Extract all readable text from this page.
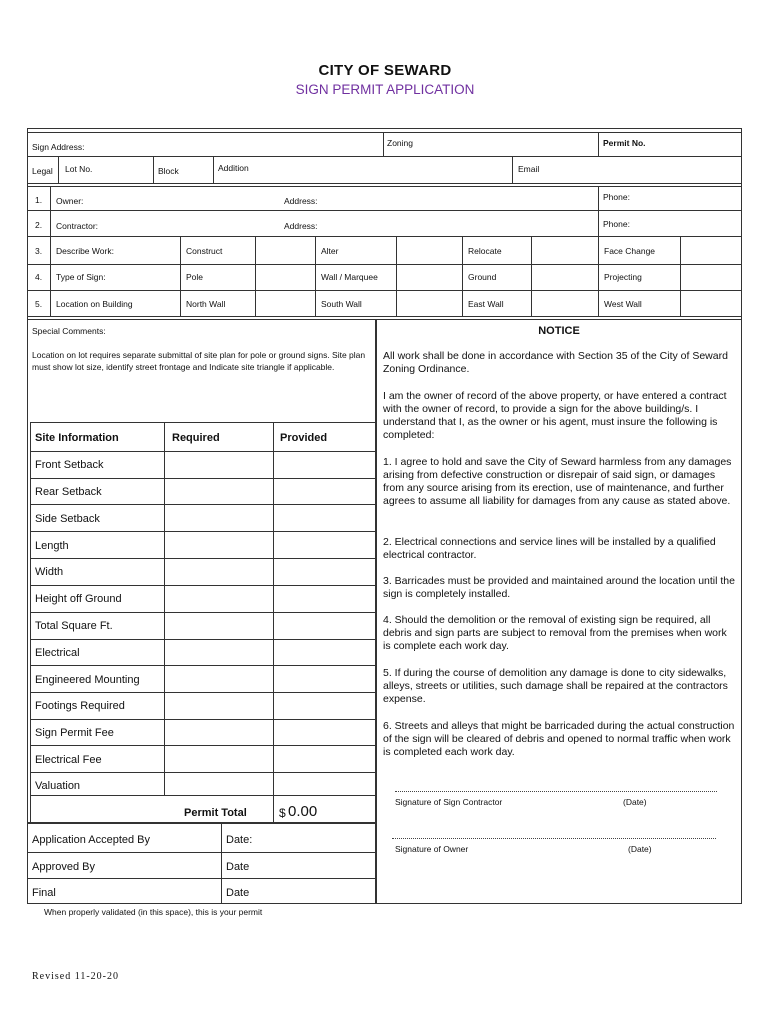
CITY OF SEWARD
SIGN PERMIT APPLICATION
Sign Address:	Zoning	Permit No.
Legal Lot No.	Block	Addition	Email
1. Owner:	Address:	Phone:
2. Contractor:	Address:	Phone:
3. Describe Work:	Construct	Alter	Relocate	Face Change
4. Type of Sign:	Pole	Wall / Marquee	Ground	Projecting
5. Location on Building	North Wall	South Wall	East Wall	West Wall
Special Comments:
Location on lot requires separate submittal of site plan for pole or ground signs. Site plan must show lot size, identify street frontage and Indicate site triangle if applicable.
Site Information	Required	Provided
Front Setback
Rear Setback
Side Setback
Length
Width
Height off Ground
Total Square Ft.
Electrical
Engineered Mounting
Footings Required
Sign Permit Fee
Electrical Fee
Valuation
Permit Total	$ 0.00
Application Accepted By	Date:
Approved By	Date
Final	Date
When properly validated (in this space), this is your permit
NOTICE
All work shall be done in accordance with Section 35 of the City of Seward Zoning Ordinance.
I am the owner of record of the above property, or have entered a contract with the owner of record, to provide a sign for the above building/s. I understand that I, as the owner or his agent, must insure the following is completed:
1. I agree to hold and save the City of Seward harmless from any damages arising from defective construction or disrepair of said sign, or damages from any source arising from its erection, use of maintenance, and further agrees to assume all liability for damages from any cause as stated above.
2. Electrical connections and service lines will be installed by a qualified electrical contractor.
3. Barricades must be provided and maintained around the location until the sign is completely installed.
4. Should the demolition or the removal of existing sign be required, all debris and sign parts are subject to removal from the premises when work is complete each work day.
5. If during the course of demolition any damage is done to city sidewalks, alleys, streets or utilities, such damage shall be repaired at the contractors expense.
6. Streets and alleys that might be barricaded during the actual construction of the sign will be cleared of debris and opened to normal traffic when work is completed each work day.
Signature of Sign Contractor	(Date)
Signature of Owner	(Date)
Revised 11-20-20
